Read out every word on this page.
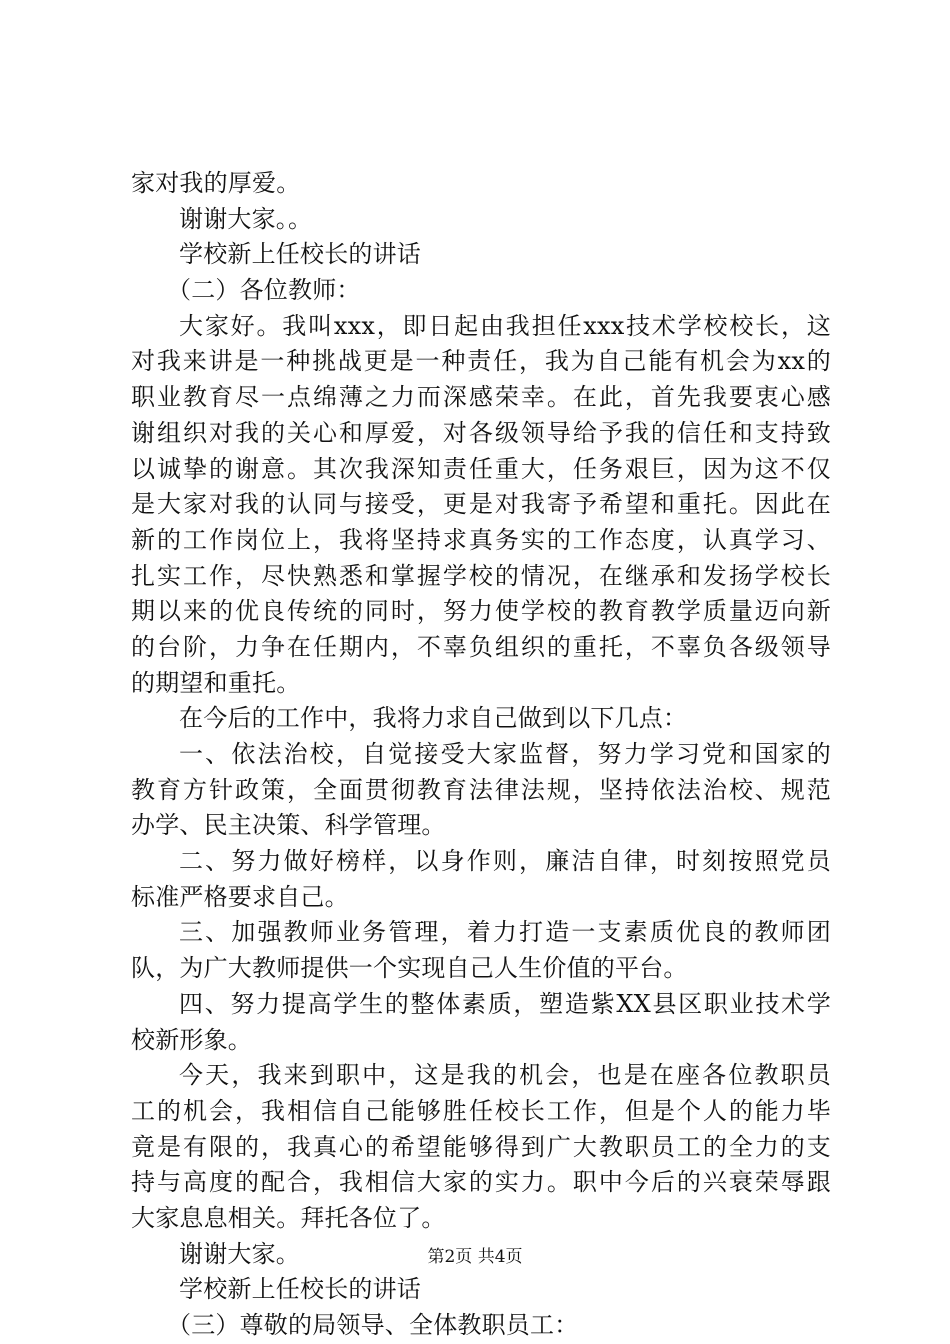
家对我的厚爱。
谢谢大家。。
学校新上任校长的讲话
（二）各位教师：
大家好。我叫xxx，即日起由我担任xxx技术学校校长，这
对我来讲是一种挑战更是一种责任，我为自己能有机会为xx的
职业教育尽一点绵薄之力而深感荣幸。在此，首先我要衷心感
谢组织对我的关心和厚爱，对各级领导给予我的信任和支持致
以诚挚的谢意。其次我深知责任重大，任务艰巨，因为这不仅
是大家对我的认同与接受，更是对我寄予希望和重托。因此在
新的工作岗位上，我将坚持求真务实的工作态度，认真学习、
扎实工作，尽快熟悉和掌握学校的情况，在继承和发扬学校长
期以来的优良传统的同时，努力使学校的教育教学质量迈向新
的台阶，力争在任期内，不辜负组织的重托，不辜负各级领导
的期望和重托。
在今后的工作中，我将力求自己做到以下几点：
一、依法治校，自觉接受大家监督，努力学习党和国家的
教育方针政策，全面贯彻教育法律法规，坚持依法治校、规范
办学、民主决策、科学管理。
二、努力做好榜样，以身作则，廉洁自律，时刻按照党员
标准严格要求自己。
三、加强教师业务管理，着力打造一支素质优良的教师团
队，为广大教师提供一个实现自己人生价值的平台。
四、努力提高学生的整体素质，塑造紫XX县区职业技术学
校新形象。
今天，我来到职中，这是我的机会，也是在座各位教职员
工的机会，我相信自己能够胜任校长工作，但是个人的能力毕
竟是有限的，我真心的希望能够得到广大教职员工的全力的支
持与高度的配合，我相信大家的实力。职中今后的兴衰荣辱跟
大家息息相关。拜托各位了。
谢谢大家。
学校新上任校长的讲话
（三）尊敬的局领导、全体教职员工：
第2页 共4页
